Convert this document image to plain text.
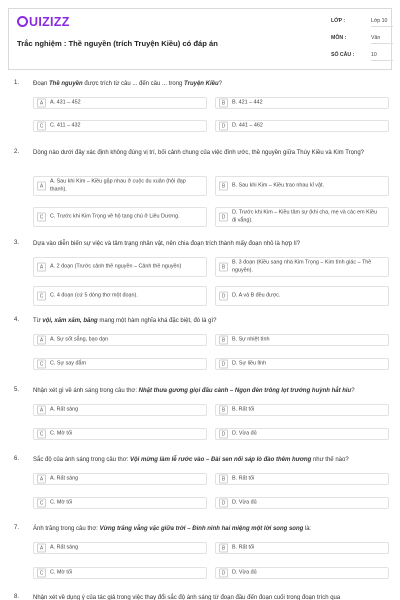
UIZIZZ
Trắc nghiệm : Thề nguyền (trích Truyện Kiều) có đáp án
LỚP :	Lớp 10
MÔN :	Văn
SỐ CÂU :	10
1. Đoạn Thề nguyền được trích từ câu ... đến câu ... trong Truyện Kiều?
A	A. 431 – 452	B	B. 421 – 442
C	C. 411 – 432	D	D. 441 – 462
2. Dòng nào dưới đây xác định không đúng vị trí, bối cảnh chung của việc đính ước, thề nguyền giữa Thúy Kiều và Kim Trọng?
A
A. Sau khi Kim – Kiều gặp nhau ở cuộc du xuân (hội đạp thanh).	B	B. Sau khi Kim – Kiều trao nhau kỉ vật.
C	C. Trước khi Kim Trọng về hộ tang chú ở Liêu Dương.	D
D. Trước khi Kim – Kiều tâm sự (khi cha, mẹ và các em Kiều đi vắng).
3. Dựa vào diễn biến sự việc và tâm trạng nhân vật, nên chia đoạn trích thành mấy đoạn nhỏ là hợp lí?
A	A. 2 đoạn (Trước cảnh thề nguyền – Cảnh thề nguyền)	B
B. 3 đoạn (Kiều sang nhà Kim Trọng – Kim tình giác – Thề nguyền).
C	C. 4 đoạn (cứ 5 dòng thơ một đoạn).	D	D. A và B đều được.
4. Từ vội, xăm xăm, băng mang một hàm nghĩa khá đặc biệt, đó là gì?
A	A. Sự sốt sắng, bạo dạn	B	B. Sự nhiệt tình
C	C. Sự say đắm	D	D. Sự liều lĩnh
5. Nhận xét gì về ánh sáng trong câu thơ: Nhặt thưa gương giọi đầu cành – Ngọn đèn trông lọt trướng huỳnh hắt hiu?
A	A. Rất sáng	B	B. Rất tối
C	C. Mờ tối	D	D. Vừa đủ
6. Sắc độ của ánh sáng trong câu thơ: Vội mừng làm lễ rước vào – Đài sen nối sáp lò đào thêm hương như thế nào?
A	A. Rất sáng	B	B. Rất tối
C	C. Mờ tối	D	D. Vừa đủ
7. Ánh trăng trong câu thơ: Vừng trăng vằng vặc giữa trời – Đinh ninh hai miệng một lời song song là:
A	A. Rất sáng	B	B. Rất tối
C	C. Mờ tối	D	D. Vừa đủ
8. Nhận xét về dụng ý của tác giả trong việc thay đổi sắc độ ánh sáng từ đoạn đầu đến đoạn cuối trong đoạn trích qua
